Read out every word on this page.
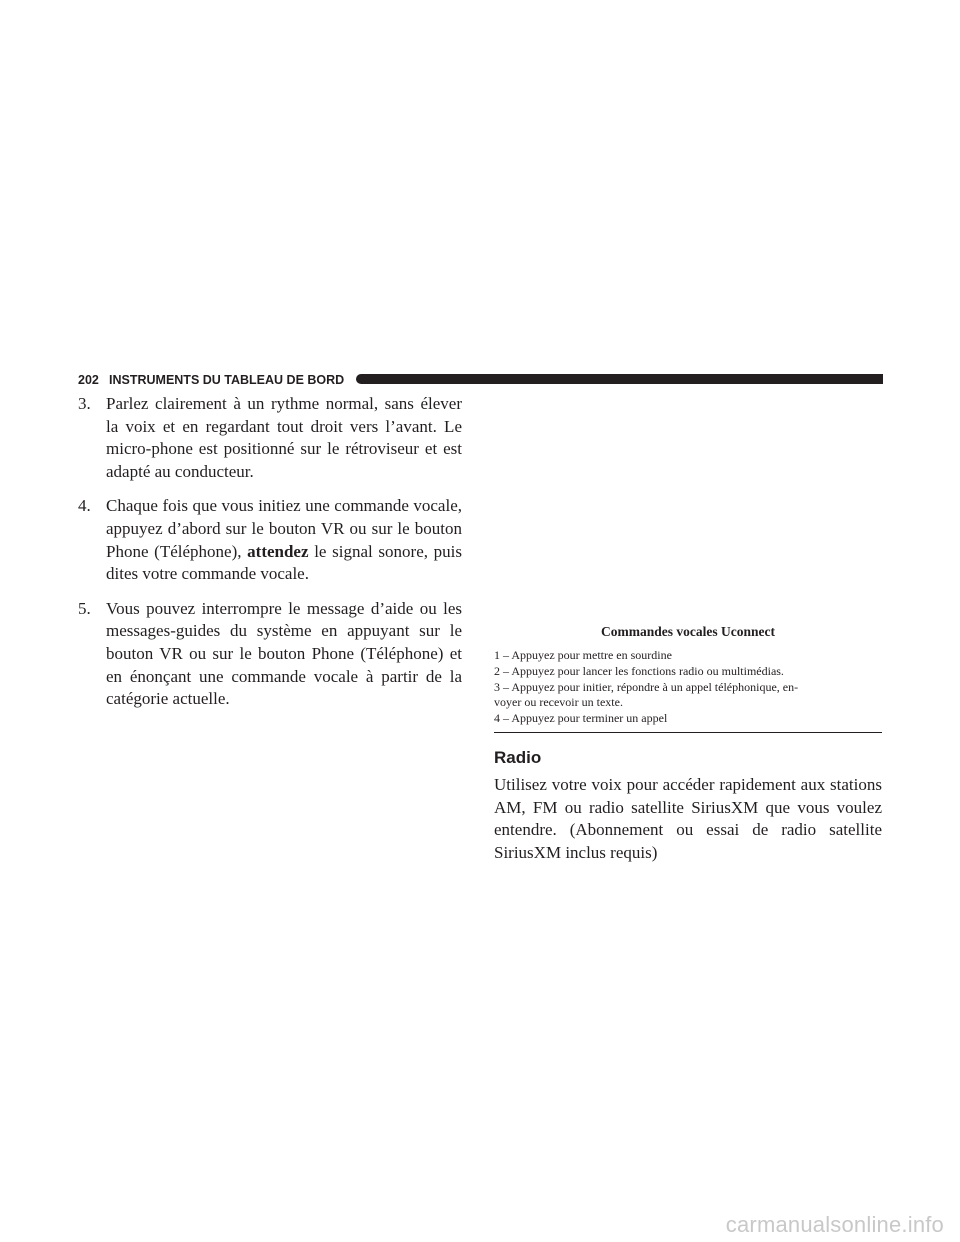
202 INSTRUMENTS DU TABLEAU DE BORD
3. Parlez clairement à un rythme normal, sans élever la voix et en regardant tout droit vers l’avant. Le micro-phone est positionné sur le rétroviseur et est adapté au conducteur.
4. Chaque fois que vous initiez une commande vocale, appuyez d’abord sur le bouton VR ou sur le bouton Phone (Téléphone), attendez le signal sonore, puis dites votre commande vocale.
5. Vous pouvez interrompre le message d’aide ou les messages-guides du système en appuyant sur le bouton VR ou sur le bouton Phone (Téléphone) et en énonçant une commande vocale à partir de la catégorie actuelle.
Commandes vocales Uconnect
1 – Appuyez pour mettre en sourdine
2 – Appuyez pour lancer les fonctions radio ou multimédias.
3 – Appuyez pour initier, répondre à un appel téléphonique, en-
voyer ou recevoir un texte.
4 – Appuyez pour terminer un appel
Radio
Utilisez votre voix pour accéder rapidement aux stations AM, FM ou radio satellite SiriusXM que vous voulez entendre. (Abonnement ou essai de radio satellite SiriusXM inclus requis)
carmanualsonline.info
